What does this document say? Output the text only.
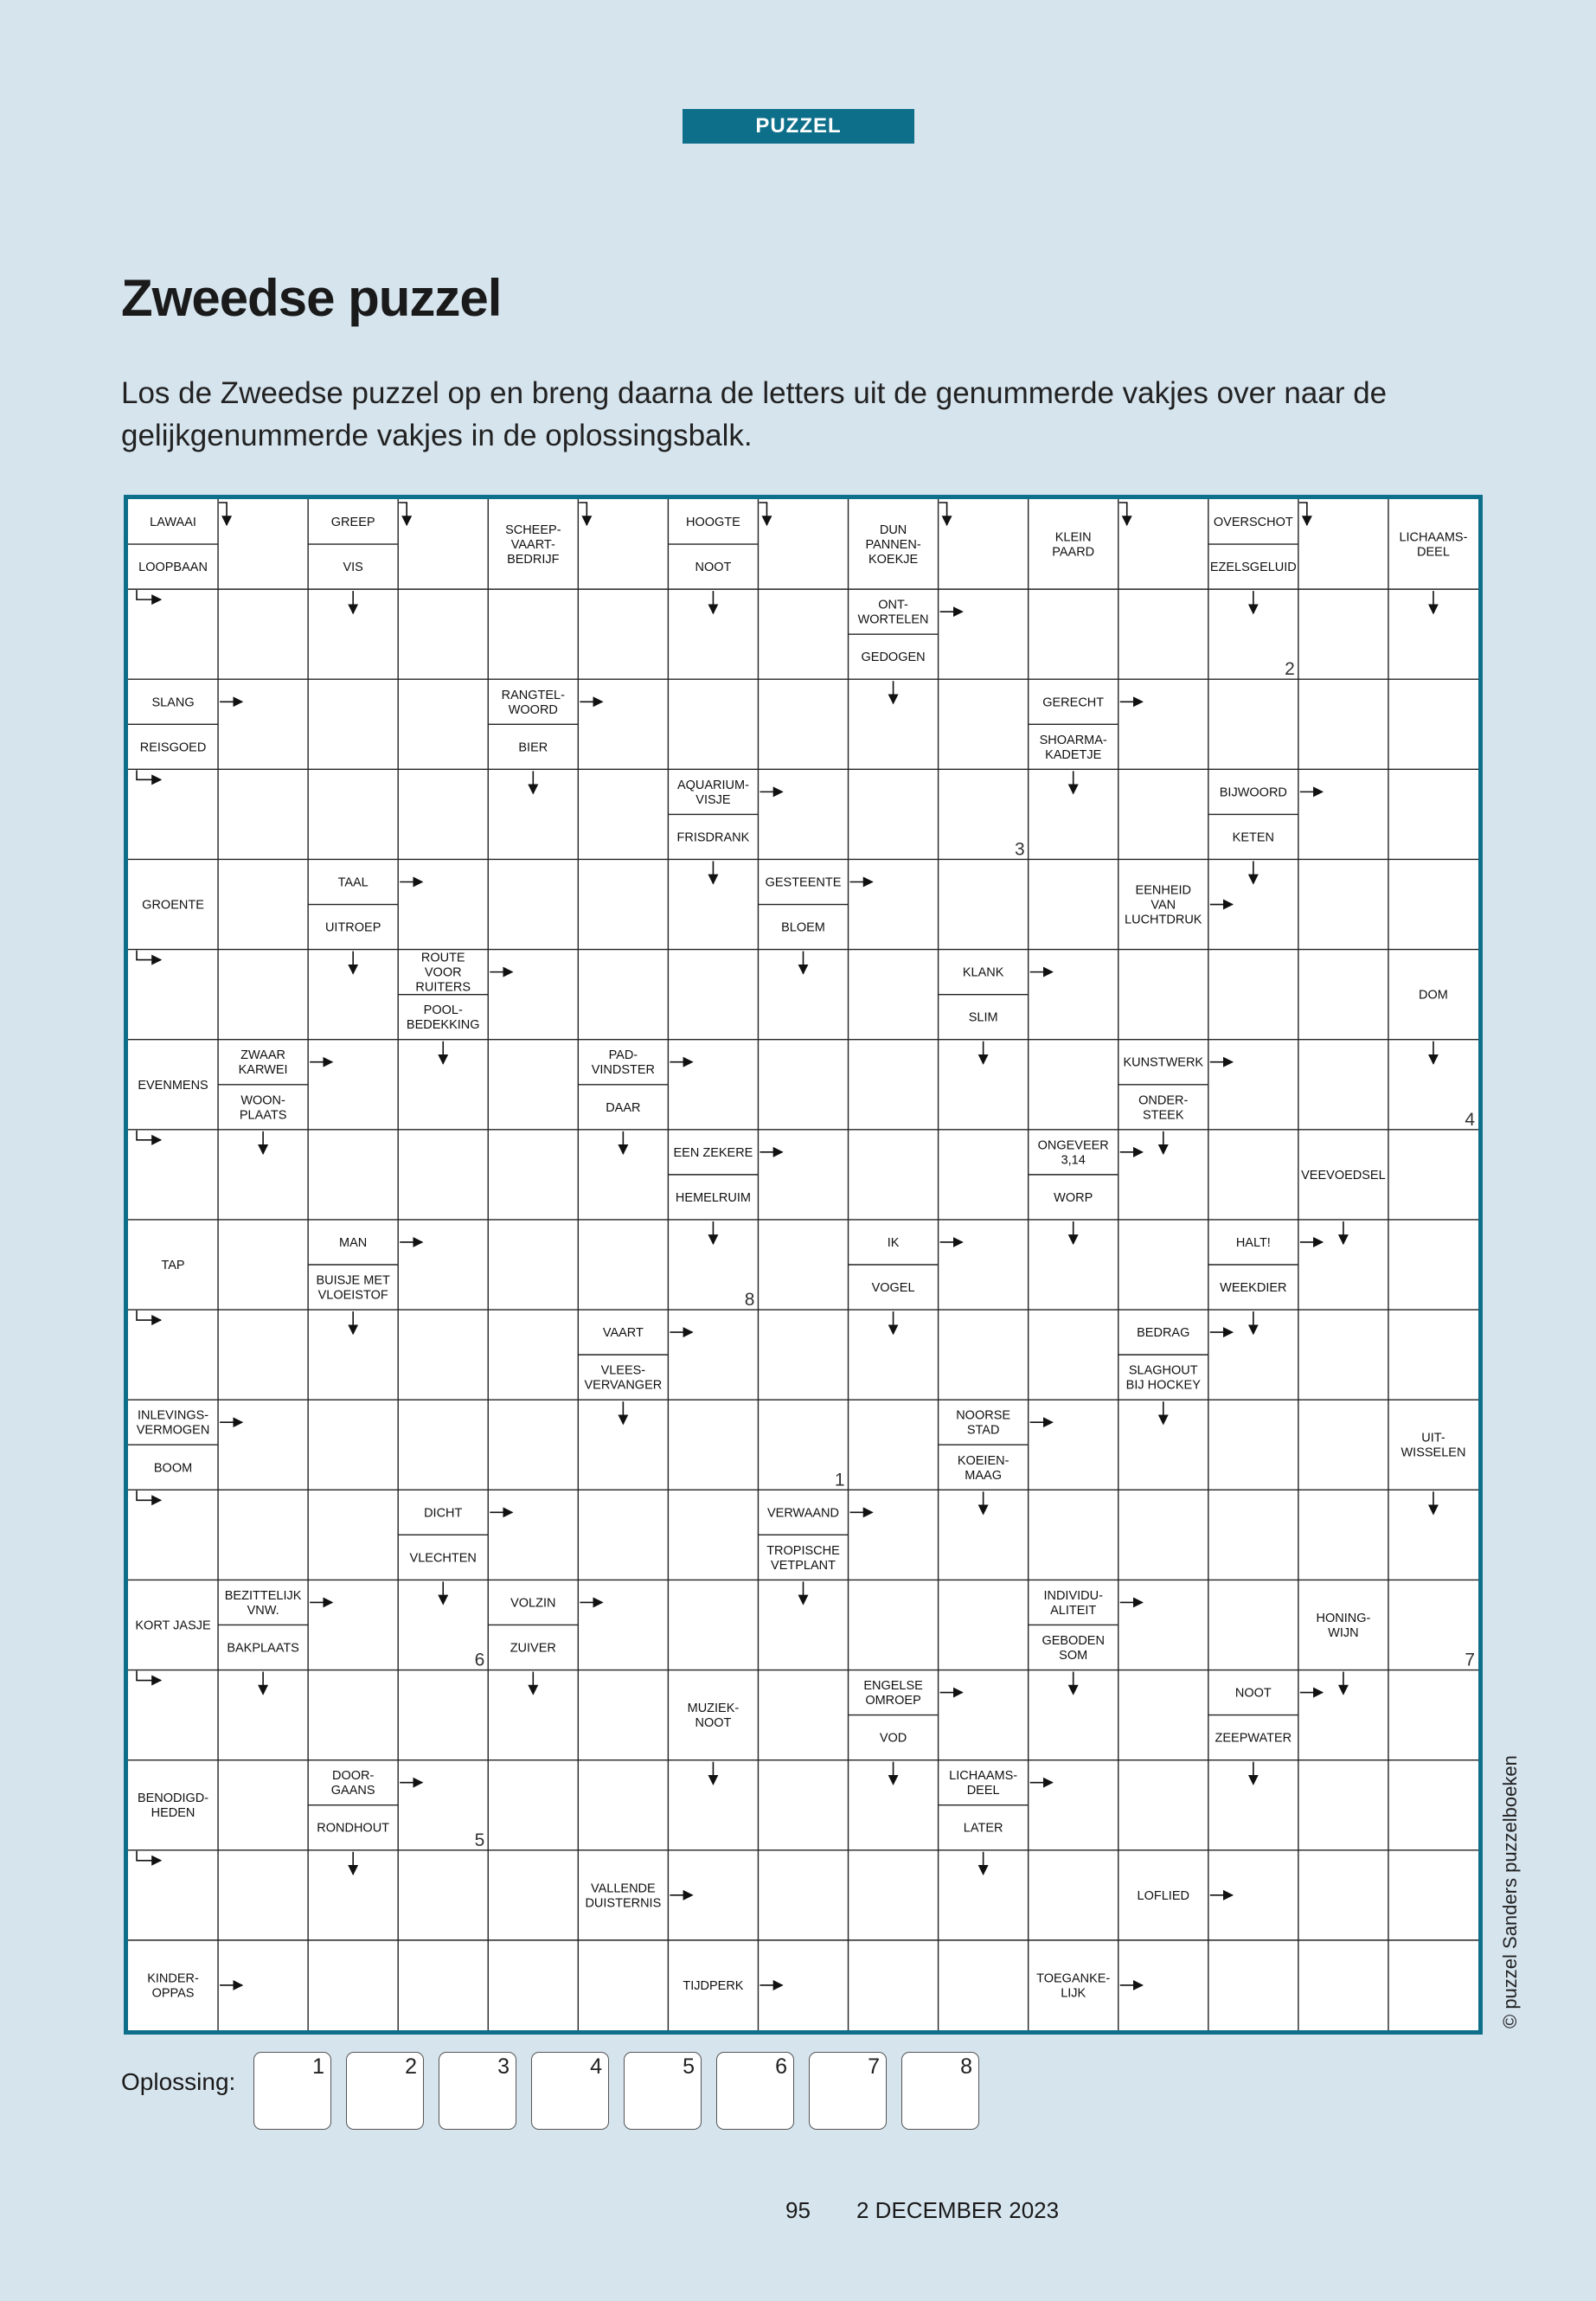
PUZZEL
Zweedse puzzel
Los de Zweedse puzzel op en breng daarna de letters uit de genummerde vakjes over naar de gelijkgenummerde vakjes in de oplossingsbalk.
LAWAAI
LOOPBAAN
GREEP
VIS
SCHEEP-VAART-BEDRIJF
HOOGTE
NOOT
DUN PANNEN-KOEKJE
KLEIN PAARD
OVERSCHOT
EZELSGELUID
LICHAAMS-DEEL
ONT-WORTELEN
GEDOGEN
SLANG
REISGOED
RANGTEL-WOORD
BIER
GERECHT
SHOARMA-KADETJE
AQUARIUM-VISJE
FRISDRANK
BIJWOORD
KETEN
GROENTE
TAAL
UITROEP
GESTEENTE
BLOEM
EENHEID VAN LUCHTDRUK
ROUTE VOOR RUITERS
POOL-BEDEKKING
KLANK
SLIM
DOM
EVENMENS
ZWAAR KARWEI
WOON-PLAATS
PAD-VINDSTER
DAAR
KUNSTWERK
ONDER-STEEK
EEN ZEKERE
HEMELRUIM
ONGEVEER 3,14
WORP
VEEVOEDSEL
TAP
MAN
BUISJE MET VLOEISTOF
IK
VOGEL
HALT!
WEEKDIER
VAART
VLEES-VERVANGER
BEDRAG
SLAGHOUT BIJ HOCKEY
INLEVINGS-VERMOGEN
BOOM
NOORSE STAD
KOEIEN-MAAG
UIT-WISSELEN
DICHT
VLECHTEN
VERWAAND
TROPISCHE VETPLANT
KORT JASJE
BEZITTELIJK VNW.
BAKPLAATS
VOLZIN
ZUIVER
INDIVIDU-ALITEIT
GEBODEN SOM
HONING-WIJN
MUZIEK-NOOT
ENGELSE OMROEP
VOD
NOOT
ZEEPWATER
BENODIGD-HEDEN
DOOR-GAANS
RONDHOUT
LICHAAMS-DEEL
LATER
VALLENDE DUISTERNIS
LOFLIED
KINDER-OPPAS
TIJDPERK
TOEGANKE-LIJK
1
2
3
4
5
6	7
8
Oplossing:
1	2	3	4	5	6	7	8
95 2 DECEMBER 2023
© puzzel Sanders puzzelboeken
